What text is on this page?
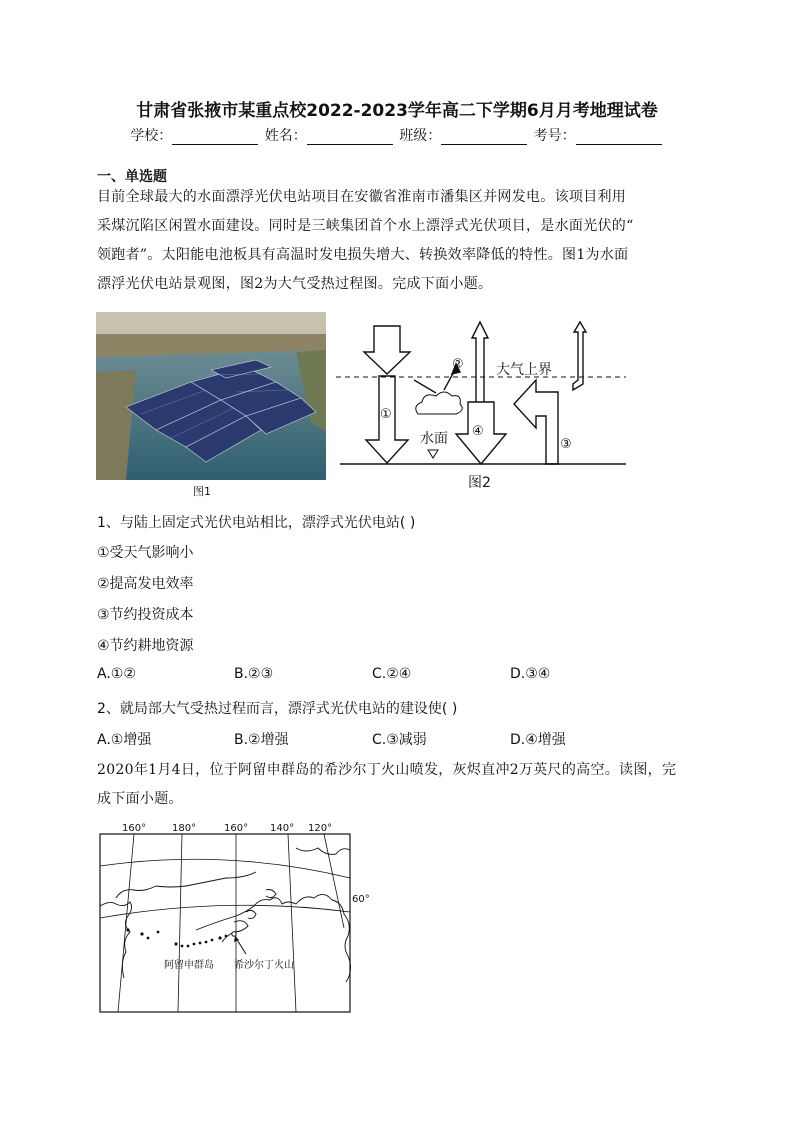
甘肃省张掖市某重点校2022-2023学年高二下学期6月月考地理试卷
学校：	姓名：	班级：	考号：
一、单选题
目前全球最大的水面漂浮光伏电站项目在安徽省淮南市潘集区并网发电。该项目利用
采煤沉陷区闲置水面建设。同时是三峡集团首个水上漂浮式光伏项目，是水面光伏的“
领跑者”。太阳能电池板具有高温时发电损失增大、转换效率降低的特性。图1为水面
漂浮光伏电站景观图，图2为大气受热过程图。完成下面小题。
图1
大气上界
水面
①
②
③
④
图2
1、与陆上固定式光伏电站相比，漂浮式光伏电站( )
①受天气影响小
②提高发电效率
③节约投资成本
④节约耕地资源
A.①②	B.②③	C.②④	D.③④
2、就局部大气受热过程而言，漂浮式光伏电站的建设使( )
A.①增强	B.②增强	C.③减弱	D.④增强
2020年1月4日，位于阿留申群岛的希沙尔丁火山喷发，灰烬直冲2万英尺的高空。读图，完
成下面小题。
160°	180°	160° 140° 120°
60°
阿留申群岛 希沙尔丁火山
